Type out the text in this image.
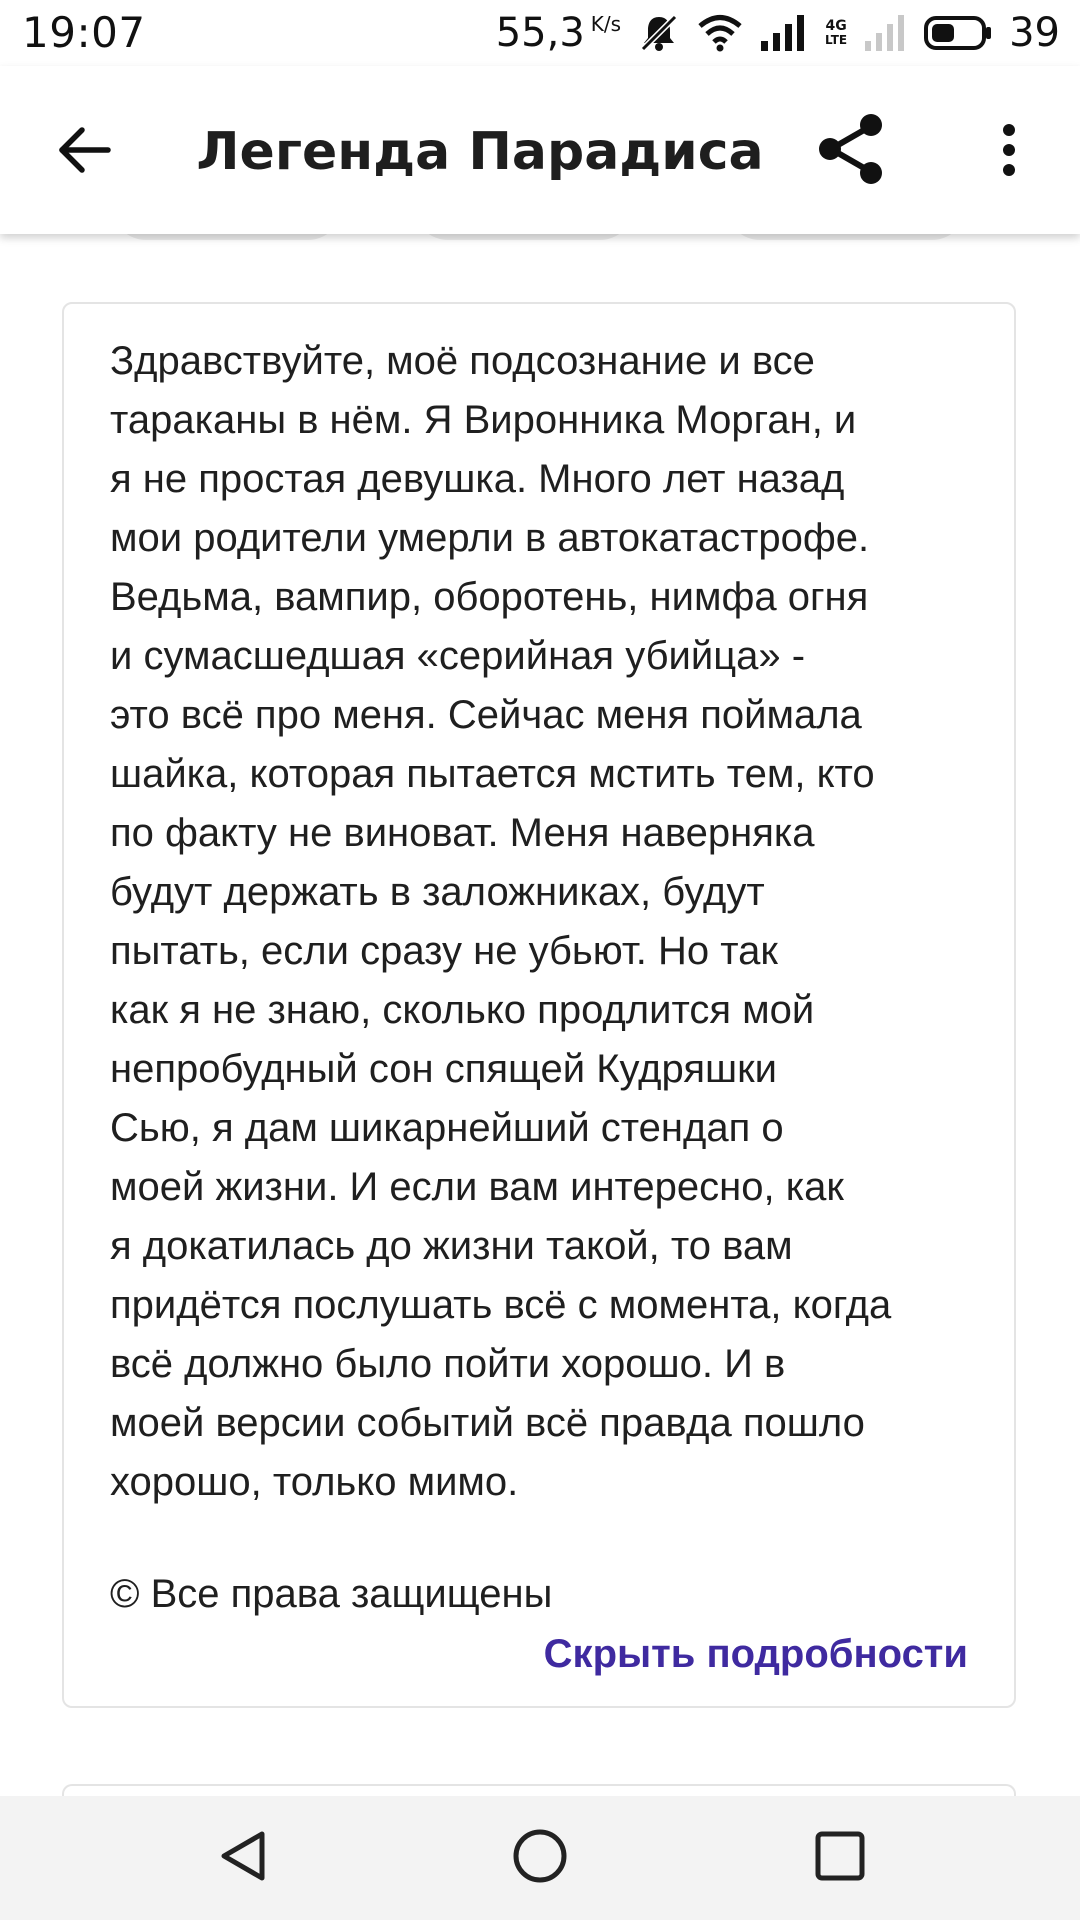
19:07	55,3 K/s	4G
LTE	39
Легенда Парадиса

Здравствуйте, моё подсознание и все
тараканы в нём. Я Виронника Морган, и
я не простая девушка. Много лет назад
мои родители умерли в автокатастрофе.
Ведьма, вампир, оборотень, нимфа огня
и сумасшедшая «серийная убийца» -
это всё про меня. Сейчас меня поймала
шайка, которая пытается мстить тем, кто
по факту не виноват. Меня наверняка
будут держать в заложниках, будут
пытать, если сразу не убьют. Но так
как я не знаю, сколько продлится мой
непробудный сон спящей Кудряшки
Сью, я дам шикарнейший стендап о
моей жизни. И если вам интересно, как
я докатилась до жизни такой, то вам
придётся послушать всё с момента, когда
всё должно было пойти хорошо. И в
моей версии событий всё правда пошло
хорошо, только мимо.

© Все права защищены
Скрыть подробности
